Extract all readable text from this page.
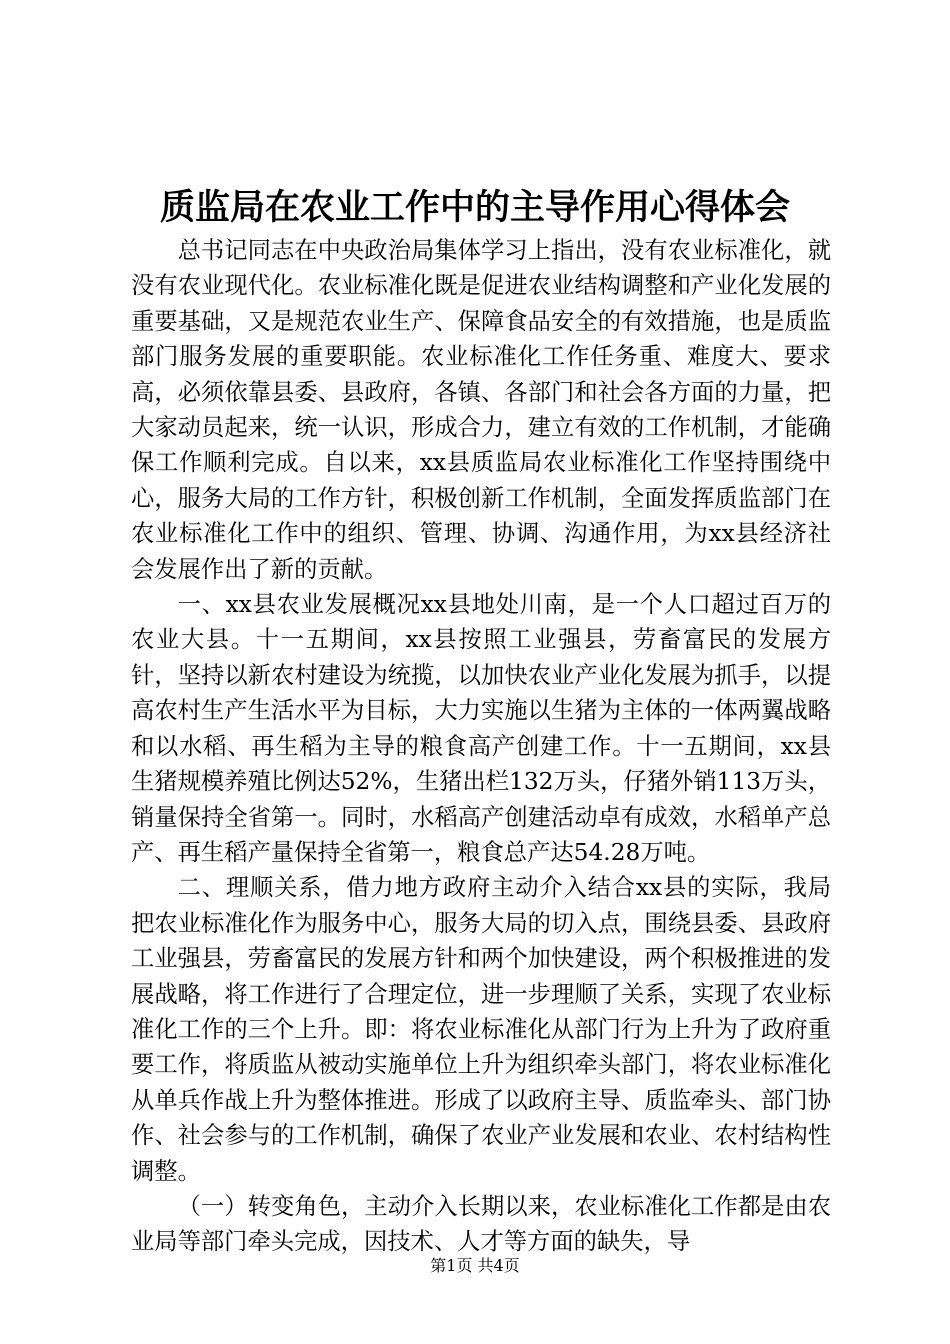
质监局在农业工作中的主导作用心得体会

总书记同志在中央政治局集体学习上指出，没有农业标准化，就没有农业现代化。农业标准化既是促进农业结构调整和产业化发展的重要基础，又是规范农业生产、保障食品安全的有效措施，也是质监部门服务发展的重要职能。农业标准化工作任务重、难度大、要求高，必须依靠县委、县政府，各镇、各部门和社会各方面的力量，把大家动员起来，统一认识，形成合力，建立有效的工作机制，才能确保工作顺利完成。自以来，xx县质监局农业标准化工作坚持围绕中心，服务大局的工作方针，积极创新工作机制，全面发挥质监部门在农业标准化工作中的组织、管理、协调、沟通作用，为xx县经济社会发展作出了新的贡献。

一、xx县农业发展概况xx县地处川南，是一个人口超过百万的农业大县。十一五期间，xx县按照工业强县，劳畜富民的发展方针，坚持以新农村建设为统揽，以加快农业产业化发展为抓手，以提高农村生产生活水平为目标，大力实施以生猪为主体的一体两翼战略和以水稻、再生稻为主导的粮食高产创建工作。十一五期间，xx县生猪规模养殖比例达52%，生猪出栏132万头，仔猪外销113万头，销量保持全省第一。同时，水稻高产创建活动卓有成效，水稻单产总产、再生稻产量保持全省第一，粮食总产达54.28万吨。

二、理顺关系，借力地方政府主动介入结合xx县的实际，我局把农业标准化作为服务中心，服务大局的切入点，围绕县委、县政府工业强县，劳畜富民的发展方针和两个加快建设，两个积极推进的发展战略，将工作进行了合理定位，进一步理顺了关系，实现了农业标准化工作的三个上升。即：将农业标准化从部门行为上升为了政府重要工作，将质监从被动实施单位上升为组织牵头部门，将农业标准化从单兵作战上升为整体推进。形成了以政府主导、质监牵头、部门协作、社会参与的工作机制，确保了农业产业发展和农业、农村结构性调整。

（一）转变角色，主动介入长期以来，农业标准化工作都是由农业局等部门牵头完成，因技术、人才等方面的缺失，导

第1页 共4页
